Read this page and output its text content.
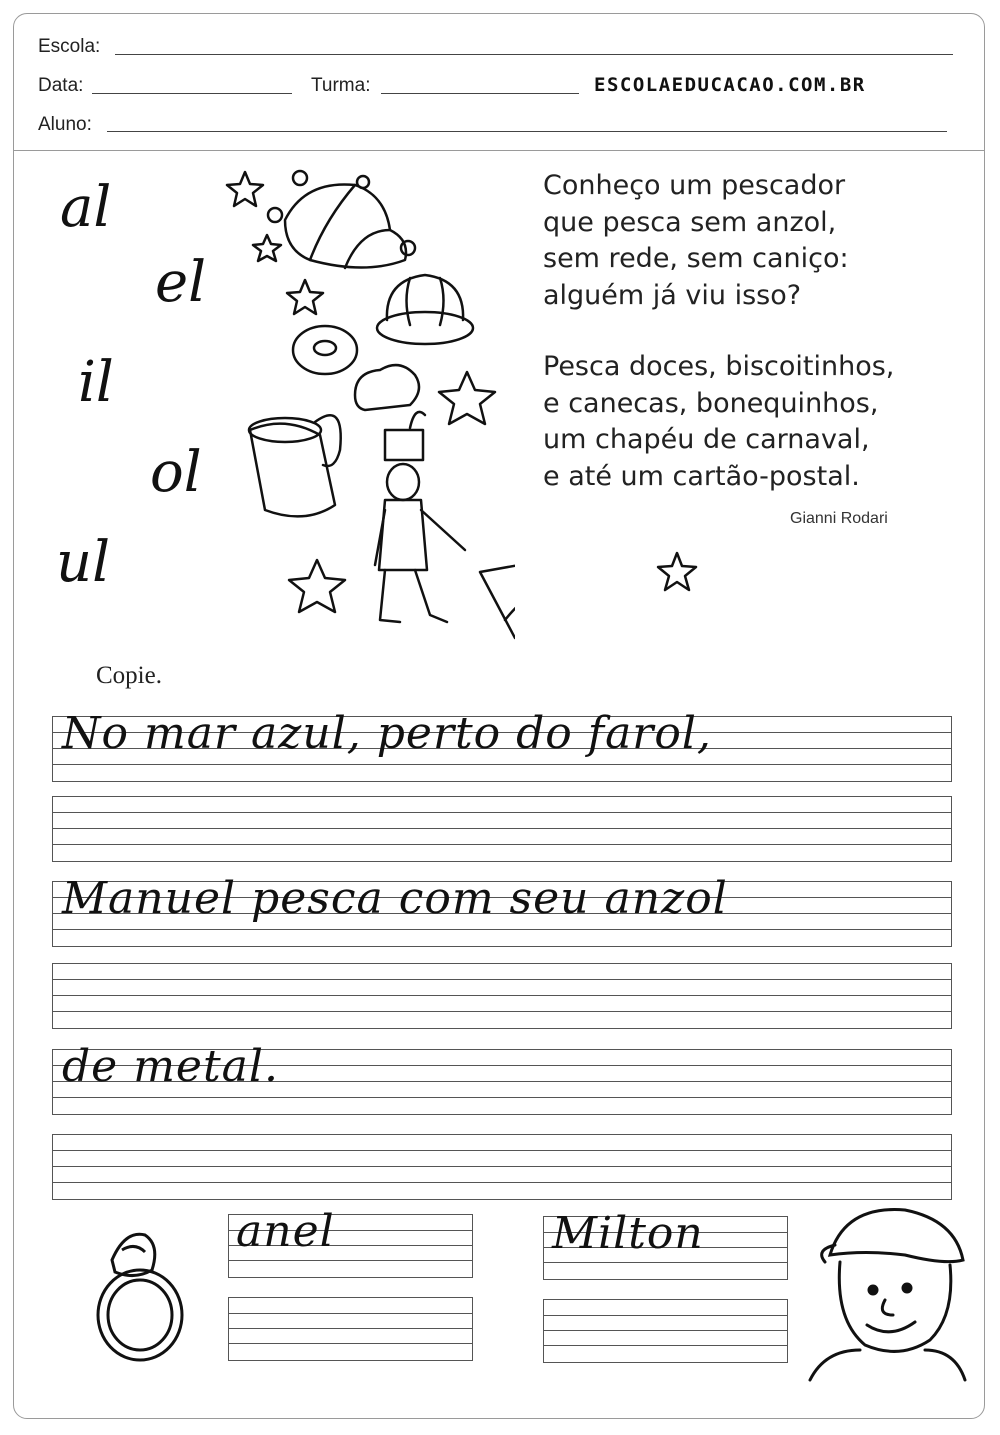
Escola:
Data:	Turma:	ESCOLAEDUCACAO.COM.BR
Aluno:
al
el
il
ol
ul

Conheço um pescador
que pesca sem anzol,
sem rede, sem caniço:
alguém já viu isso?

Pesca doces, biscoitinhos,
e canecas, bonequinhos,
um chapéu de carnaval,
e até um cartão-postal.

Gianni Rodari
Copie.
No mar azul, perto do farol,
Manuel pesca com seu anzol
de metal.
anel	Milton
